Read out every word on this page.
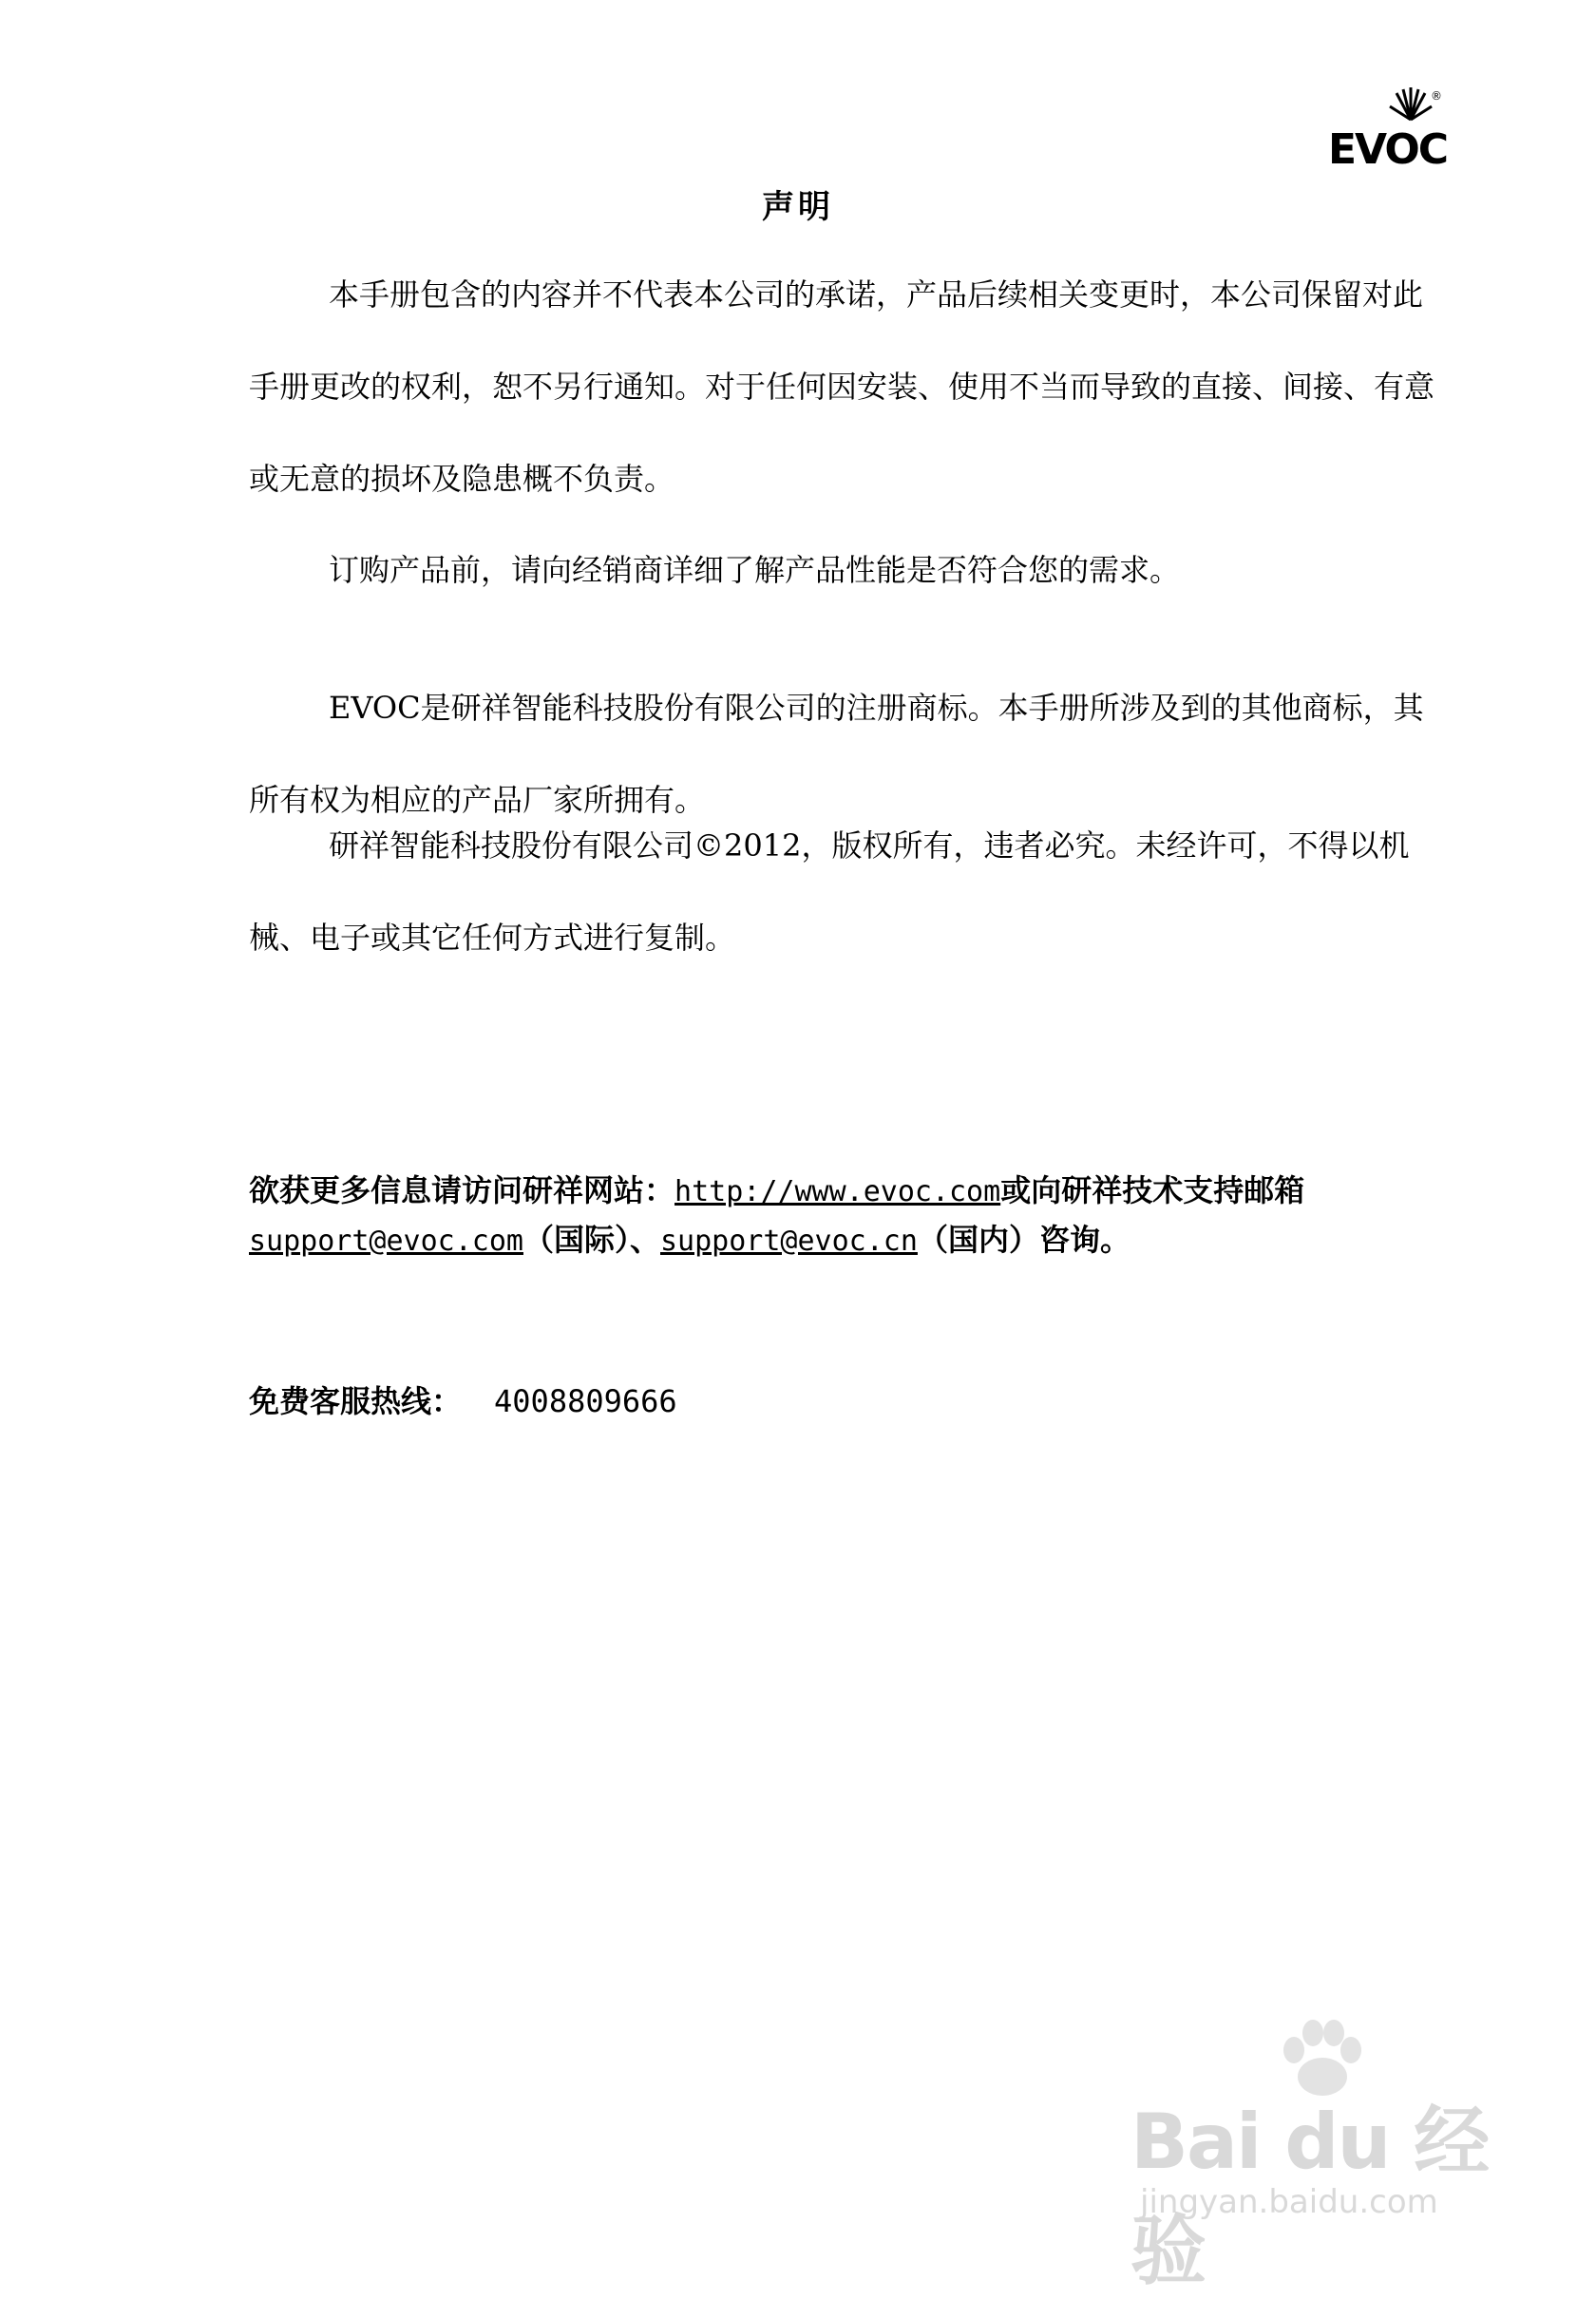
®
EVOC
声明

本手册包含的内容并不代表本公司的承诺，产品后续相关变更时，本公司保留对此手册更改的权利，恕不另行通知。对于任何因安装、使用不当而导致的直接、间接、有意或无意的损坏及隐患概不负责。

订购产品前，请向经销商详细了解产品性能是否符合您的需求。

EVOC是研祥智能科技股份有限公司的注册商标。本手册所涉及到的其他商标，其所有权为相应的产品厂家所拥有。

研祥智能科技股份有限公司©2012，版权所有，违者必究。未经许可，不得以机械、电子或其它任何方式进行复制。

欲获更多信息请访问研祥网站：http://www.evoc.com或向研祥技术支持邮箱
support@evoc.com（国际）、support@evoc.cn（国内）咨询。
免费客服热线： 4008809666
Bai du 经验
jingyan.baidu.com
